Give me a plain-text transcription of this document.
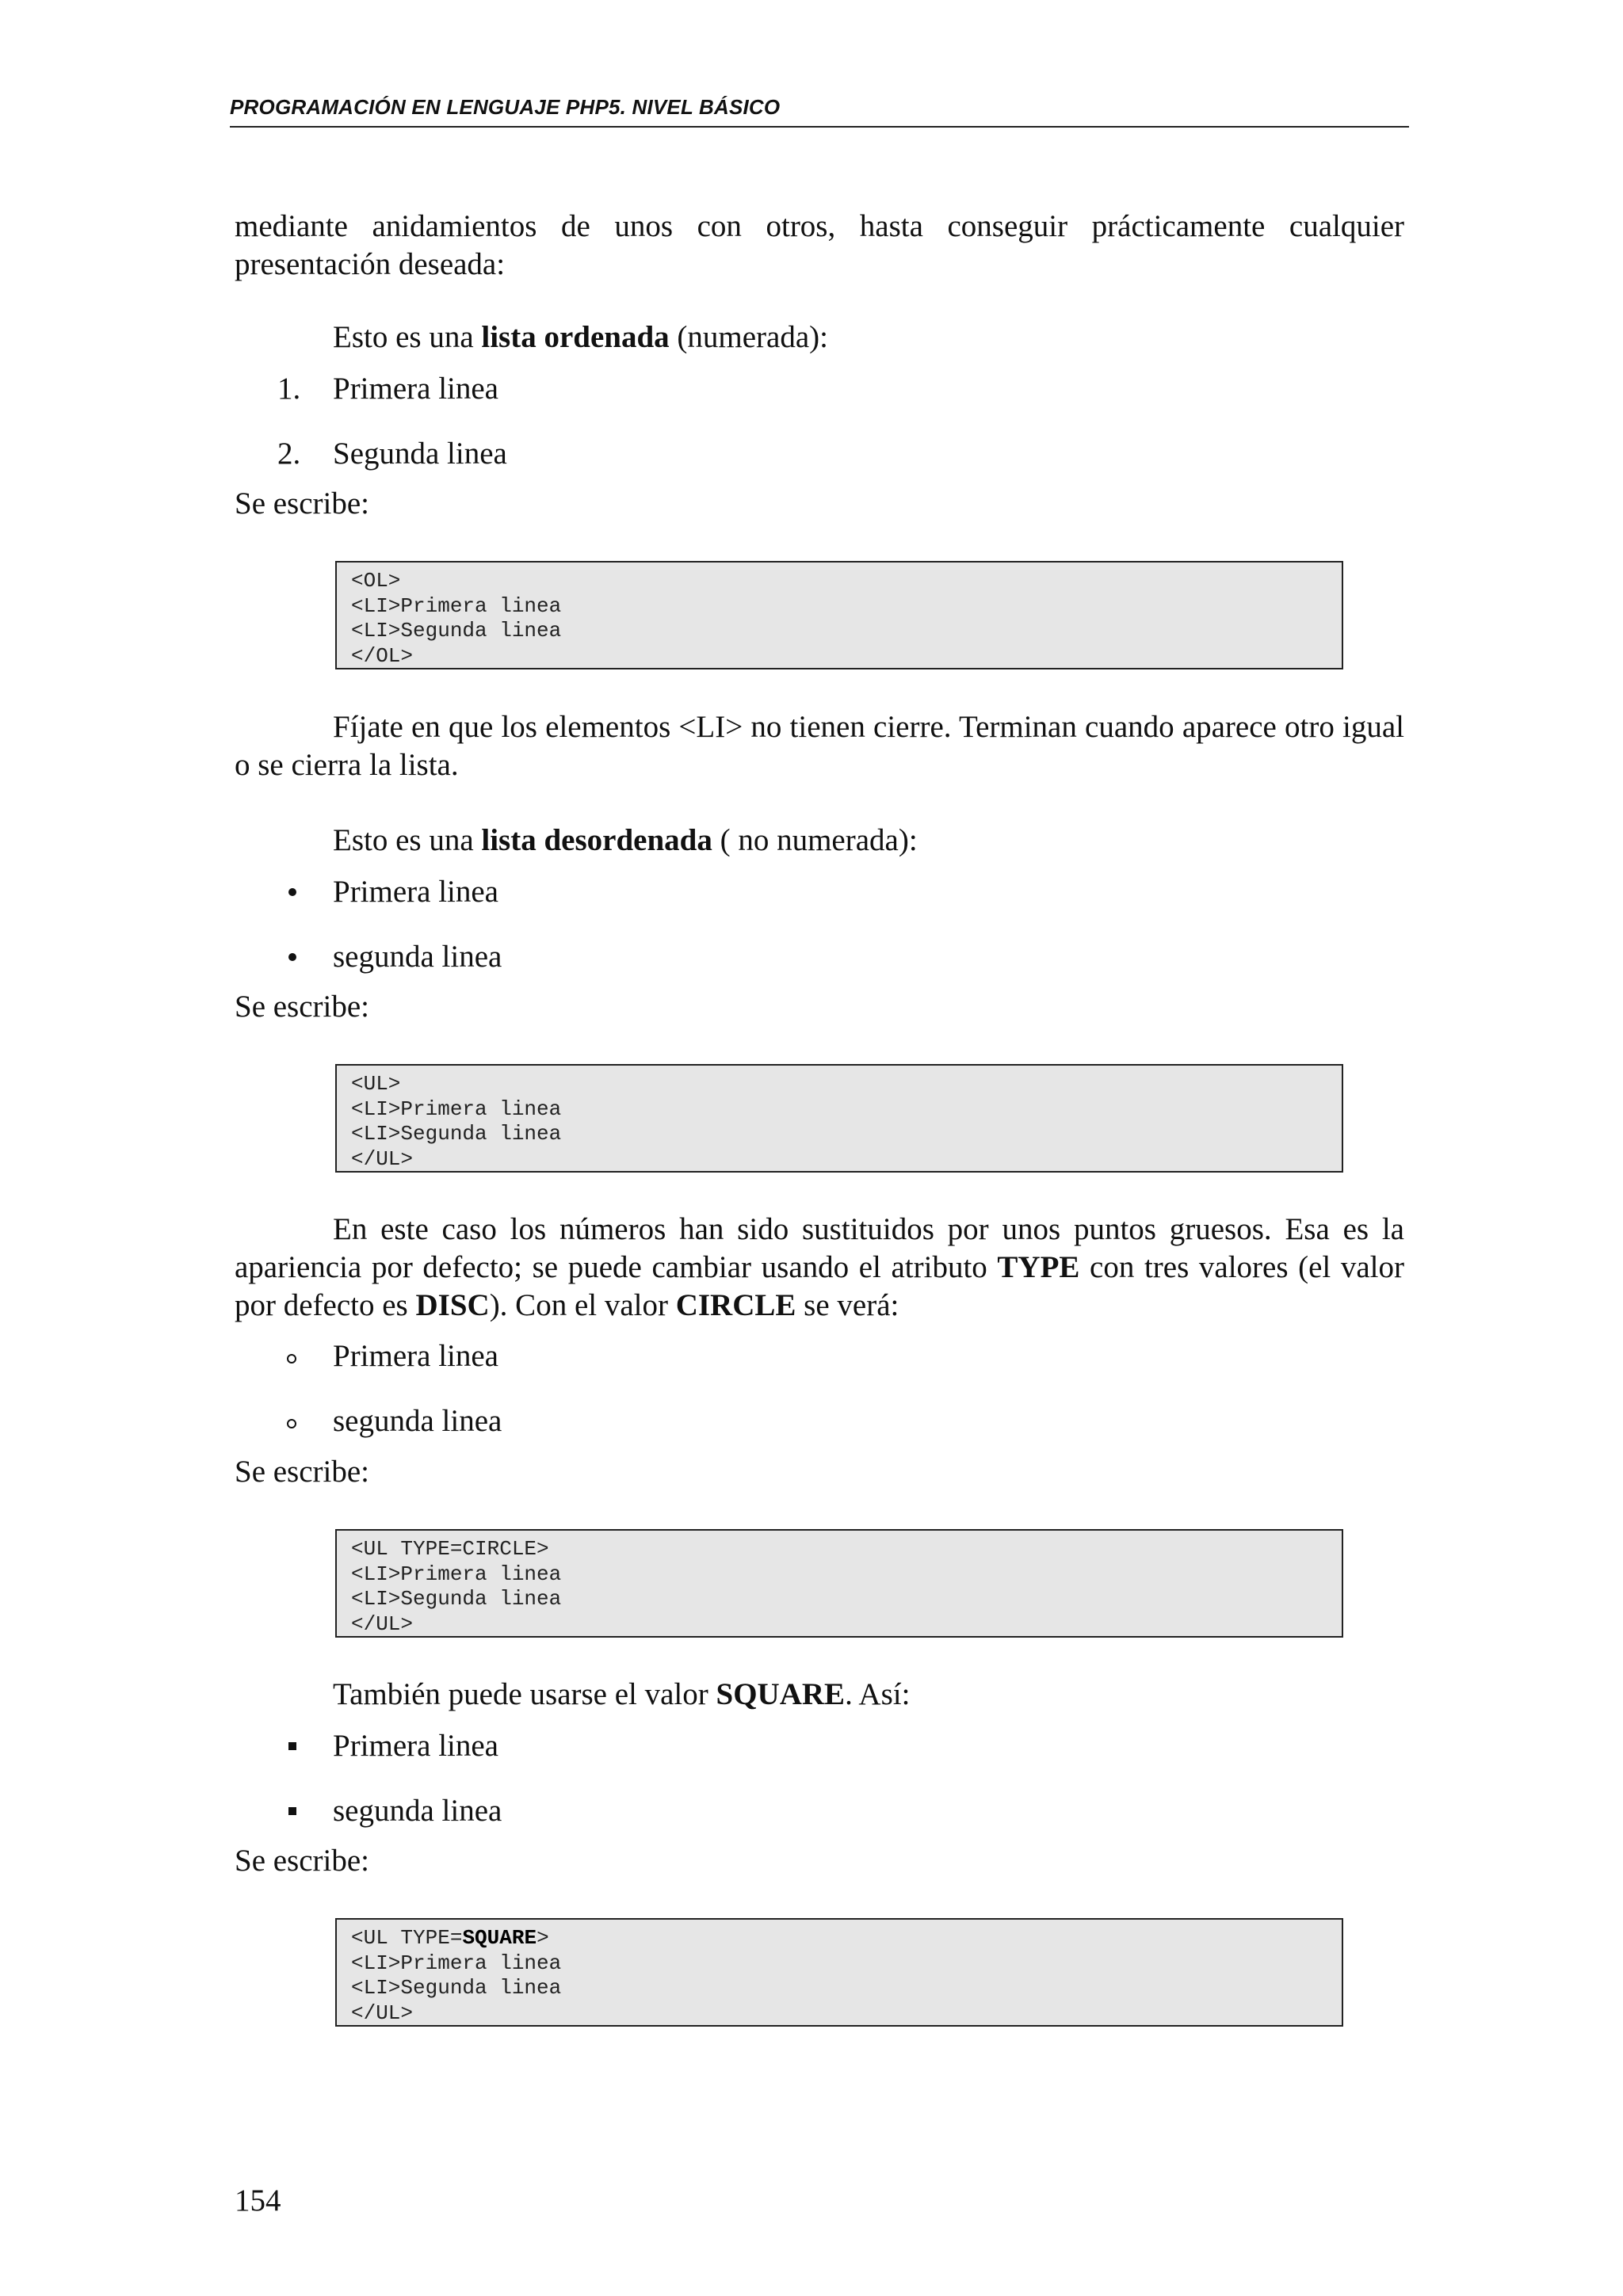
PROGRAMACIÓN EN LENGUAJE PHP5. NIVEL BÁSICO

mediante anidamientos de unos con otros, hasta conseguir prácticamente cualquier presentación deseada:

Esto es una lista ordenada (numerada):

1. Primera linea
2. Segunda linea
Se escribe:
<OL>
<LI>Primera linea
<LI>Segunda linea
</OL>

Fíjate en que los elementos <LI> no tienen cierre. Terminan cuando aparece otro igual o se cierra la lista.

Esto es una lista desordenada ( no numerada):

Primera linea
segunda linea
Se escribe:
<UL>
<LI>Primera linea
<LI>Segunda linea
</UL>

En este caso los números han sido sustituidos por unos puntos gruesos. Esa es la apariencia por defecto; se puede cambiar usando el atributo TYPE con tres valores (el valor por defecto es DISC). Con el valor CIRCLE se verá:

Primera linea
segunda linea
Se escribe:
<UL TYPE=CIRCLE>
<LI>Primera linea
<LI>Segunda linea
</UL>

También puede usarse el valor SQUARE. Así:

Primera linea
segunda linea
Se escribe:
<UL TYPE=SQUARE>
<LI>Primera linea
<LI>Segunda linea
</UL>
154
